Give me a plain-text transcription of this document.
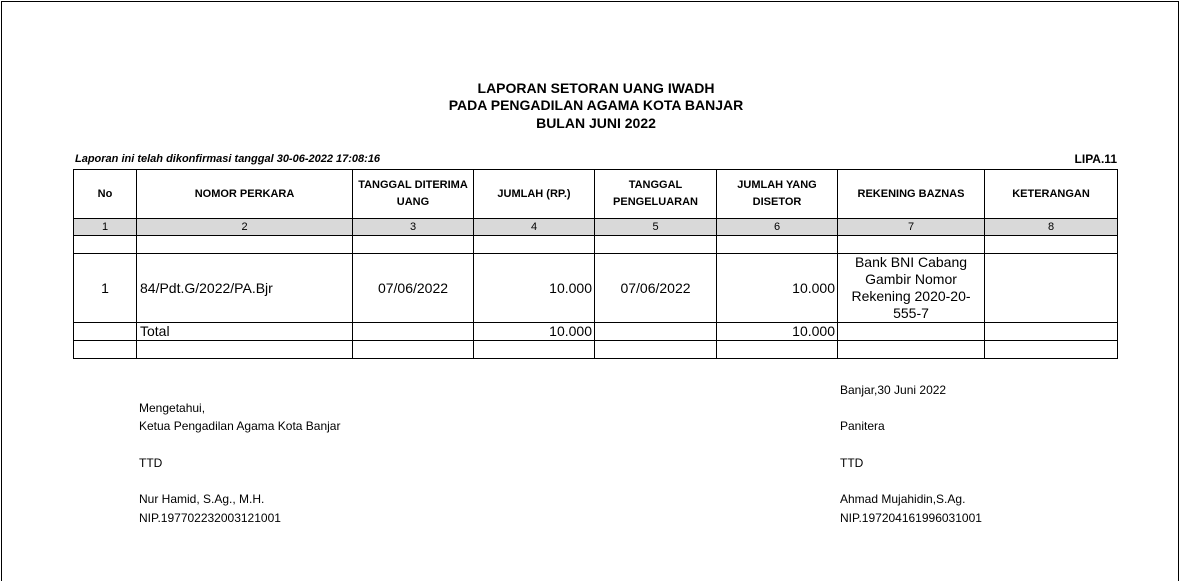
LAPORAN SETORAN UANG IWADH
PADA PENGADILAN AGAMA KOTA BANJAR
BULAN JUNI 2022
Laporan ini telah dikonfirmasi tanggal 30-06-2022 17:08:16	LIPA.11
No	NOMOR PERKARA	TANGGAL DITERIMA UANG	JUMLAH (RP.)	TANGGAL PENGELUARAN	JUMLAH YANG DISETOR	REKENING BAZNAS	KETERANGAN
1	2	3	4	5	6	7	8

1	84/Pdt.G/2022/PA.Bjr	07/06/2022	10.000	07/06/2022	10.000	Bank BNI Cabang Gambir Nomor Rekening 2020-20-555-7	
	Total		10.000		10.000		

Mengetahui,
Ketua Pengadilan Agama Kota Banjar
TTD
Nur Hamid, S.Ag., M.H.
NIP.197702232003121001
Banjar,30 Juni 2022
Panitera
TTD
Ahmad Mujahidin,S.Ag.
NIP.197204161996031001
